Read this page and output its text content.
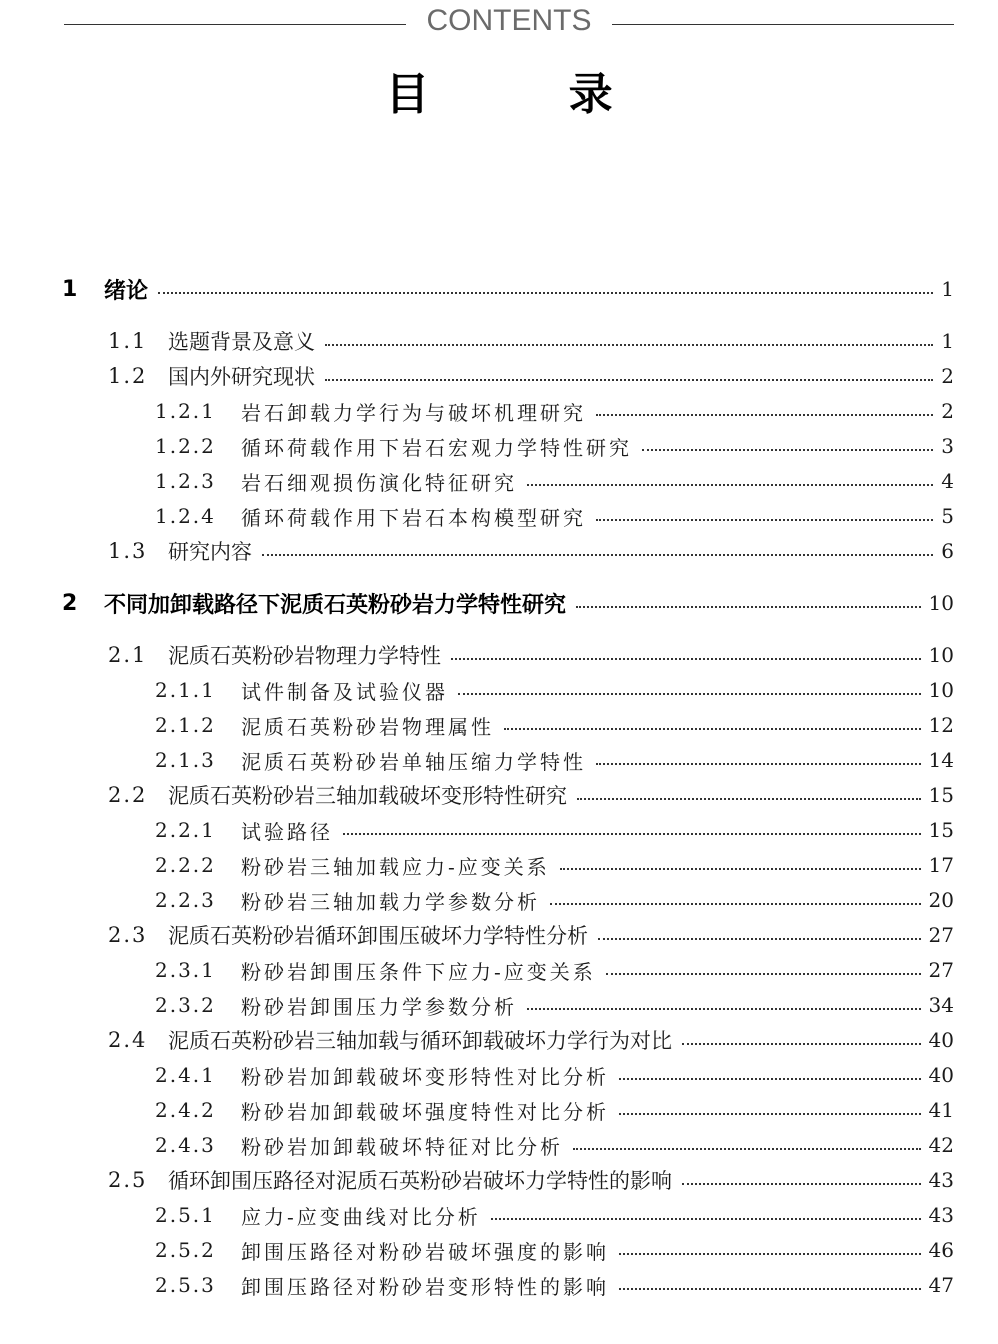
CONTENTS
目 录
1	绪论	1
1.1 选题背景及意义	1
1.2 国内外研究现状	2
1.2.1	岩石卸载力学行为与破坏机理研究	2
1.2.2	循环荷载作用下岩石宏观力学特性研究	3
1.2.3	岩石细观损伤演化特征研究	4
1.2.4	循环荷载作用下岩石本构模型研究	5
1.3 研究内容	6
2	不同加卸载路径下泥质石英粉砂岩力学特性研究	10
2.1 泥质石英粉砂岩物理力学特性	10
2.1.1	试件制备及试验仪器	10
2.1.2	泥质石英粉砂岩物理属性	12
2.1.3	泥质石英粉砂岩单轴压缩力学特性	14
2.2 泥质石英粉砂岩三轴加载破坏变形特性研究	15
2.2.1	试验路径	15
2.2.2	粉砂岩三轴加载应力-应变关系	17
2.2.3	粉砂岩三轴加载力学参数分析	20
2.3 泥质石英粉砂岩循环卸围压破坏力学特性分析	27
2.3.1	粉砂岩卸围压条件下应力-应变关系	27
2.3.2	粉砂岩卸围压力学参数分析	34
2.4 泥质石英粉砂岩三轴加载与循环卸载破坏力学行为对比	40
2.4.1	粉砂岩加卸载破坏变形特性对比分析	40
2.4.2	粉砂岩加卸载破坏强度特性对比分析	41
2.4.3	粉砂岩加卸载破坏特征对比分析	42
2.5 循环卸围压路径对泥质石英粉砂岩破坏力学特性的影响	43
2.5.1	应力-应变曲线对比分析	43
2.5.2	卸围压路径对粉砂岩破坏强度的影响	46
2.5.3	卸围压路径对粉砂岩变形特性的影响	47
